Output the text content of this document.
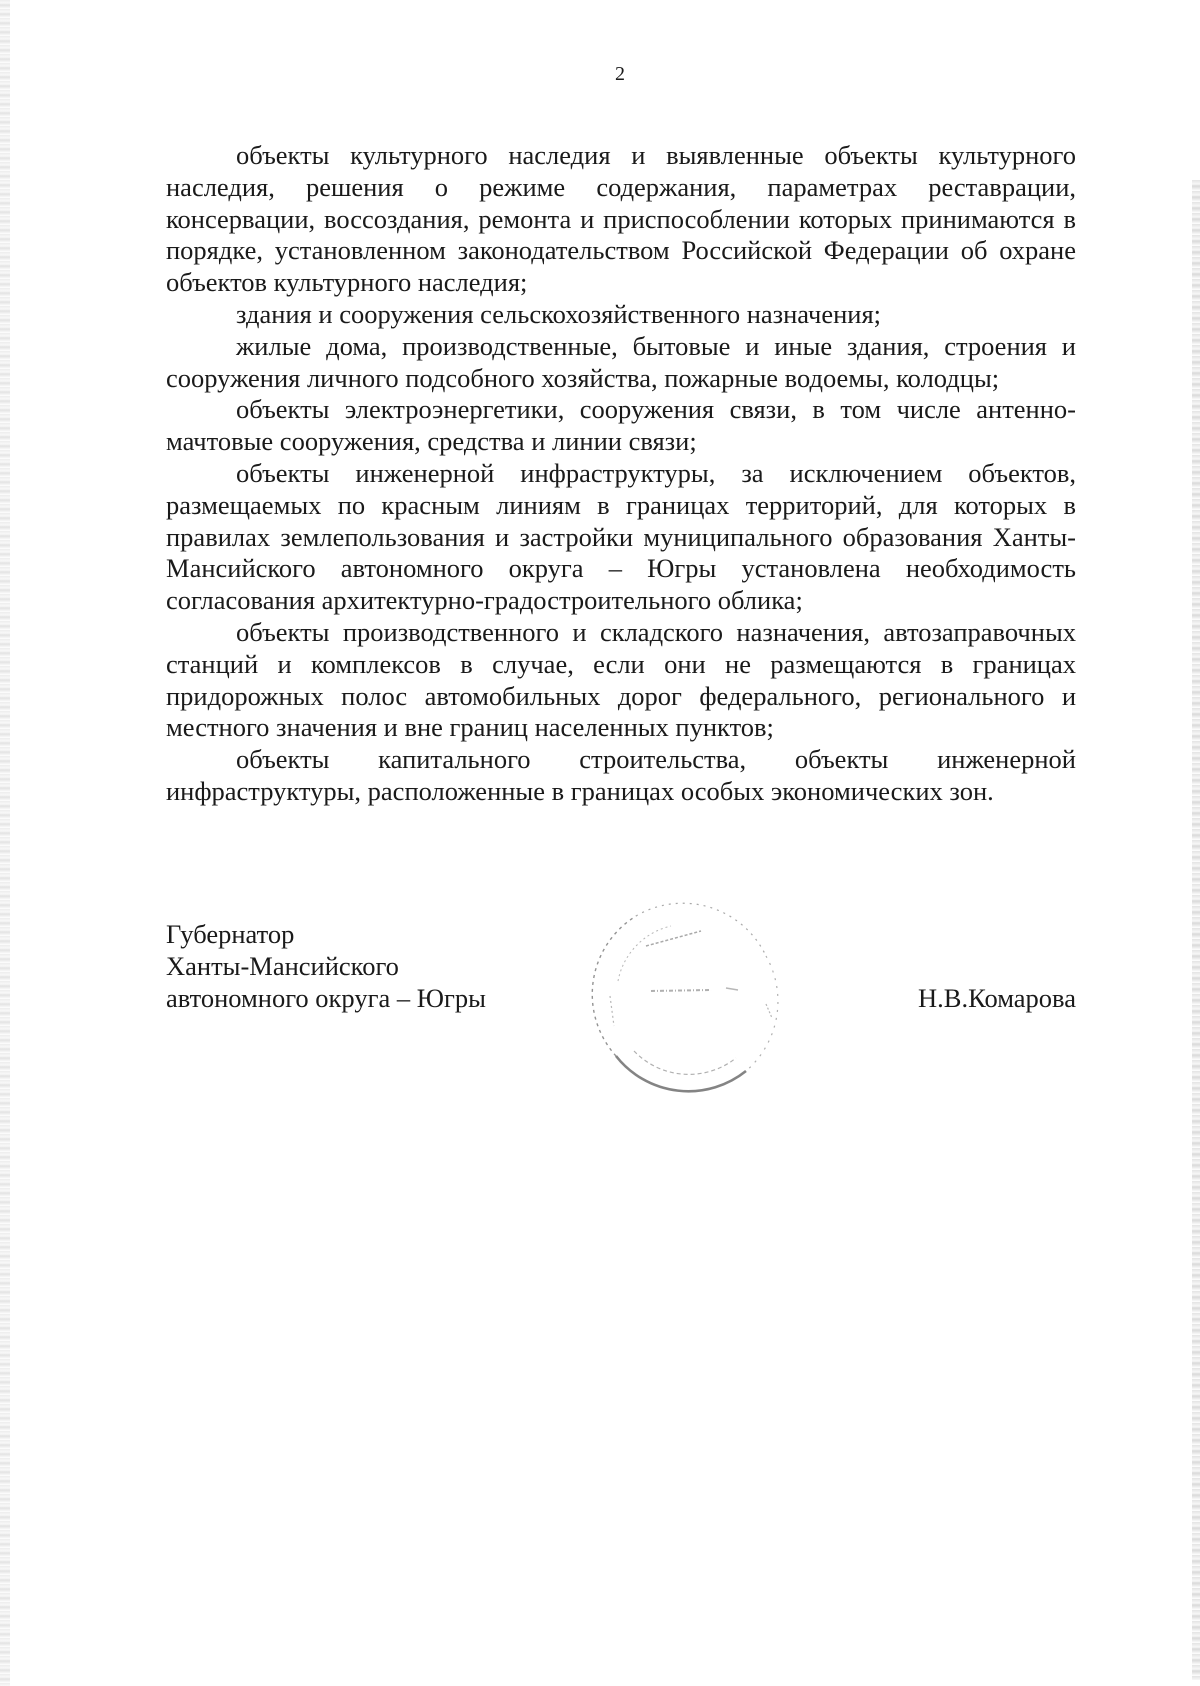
2

объекты культурного наследия и выявленные объекты культурного наследия, решения о режиме содержания, параметрах реставрации, консервации, воссоздания, ремонта и приспособлении которых принимаются в порядке, установленном законодательством Российской Федерации об охране объектов культурного наследия;

здания и сооружения сельскохозяйственного назначения;

жилые дома, производственные, бытовые и иные здания, строения и сооружения личного подсобного хозяйства, пожарные водоемы, колодцы;

объекты электроэнергетики, сооружения связи, в том числе антенно-мачтовые сооружения, средства и линии связи;

объекты инженерной инфраструктуры, за исключением объектов, размещаемых по красным линиям в границах территорий, для которых в правилах землепользования и застройки муниципального образования Ханты-Мансийского автономного округа – Югры установлена необходимость согласования архитектурно-градостроительного облика;

объекты производственного и складского назначения, автозаправочных станций и комплексов в случае, если они не размещаются в границах придорожных полос автомобильных дорог федерального, регионального и местного значения и вне границ населенных пунктов;

объекты капитального строительства, объекты инженерной инфраструктуры, расположенные в границах особых экономических зон.

Губернатор
Ханты-Мансийского
автономного округа – Югры	Н.В.Комарова
